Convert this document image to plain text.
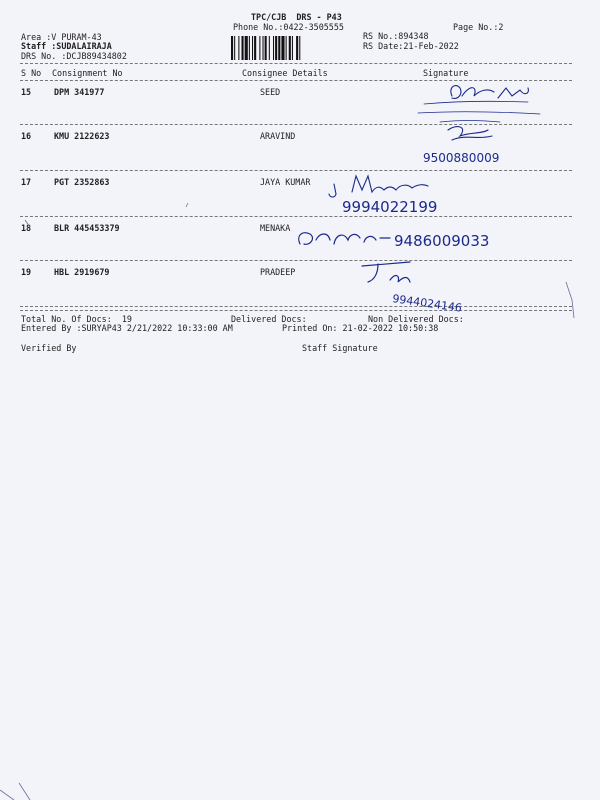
TPC/CJB  DRS - P43
Phone No.:0422-3505555	Page No.:2
Area :V PURAM-43
Staff :SUDALAIRAJA
DRS No. :DCJB89434802
RS No.:894348
RS Date:21-Feb-2022
S No Consignment No	Consignee Details	Signature
15	DPM 341977	SEED
16	KMU 2122623	ARAVIND
17	PGT 2352863	JAYA KUMAR
18	BLR 445453379	MENAKA
19	HBL 2919679	PRADEEP
Total No. Of Docs:  19	Delivered Docs:	Non Delivered Docs:
Entered By :SURYAP43 2/21/2022 10:33:00 AM	Printed On: 21-02-2022 10:50:38
Verified By	Staff Signature
9500880009
9994022199
9486009033
9944024146
